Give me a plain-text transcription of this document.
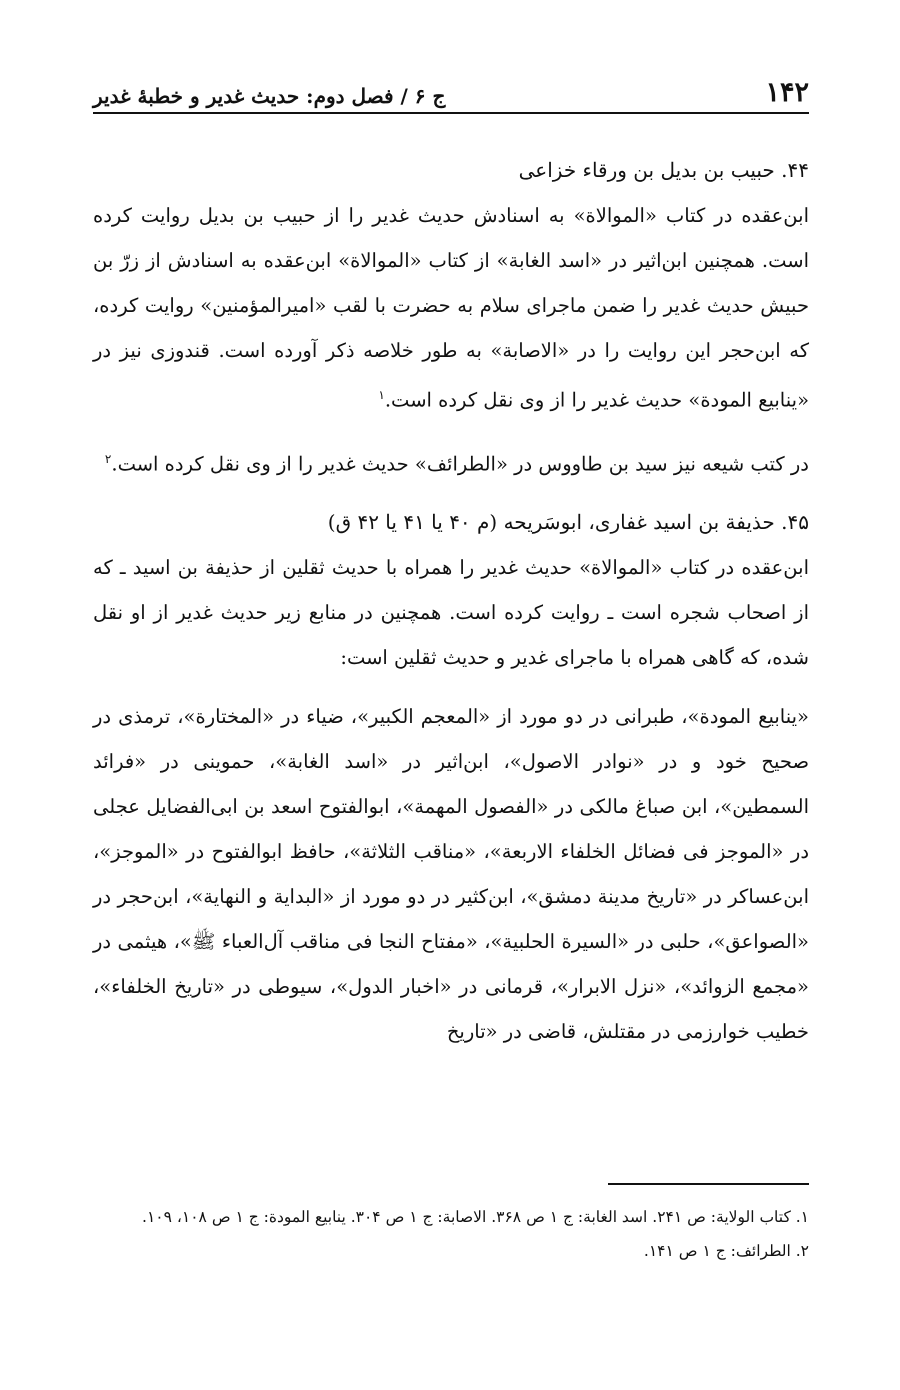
۱۴۲
ج ۶ / فصل دوم: حدیث غدیر و خطبهٔ غدیر

۴۴. حبیب بن بدیل بن ورقاء خزاعی

ابن‌عقده در کتاب «الموالاة» به اسنادش حدیث غدیر را از حبیب بن بدیل روایت کرده است. همچنین ابن‌اثیر در «اسد الغابة» از کتاب «الموالاة» ابن‌عقده به اسنادش از زرّ بن حبیش حدیث غدیر را ضمن ماجرای سلام به حضرت با لقب «امیرالمؤمنین» روایت کرده، که ابن‌حجر این روایت را در «الاصابة» به طور خلاصه ذکر آورده است. قندوزی نیز در «ینابیع المودة» حدیث غدیر را از وی نقل کرده است.$^۱$

در کتب شیعه نیز سید بن طاووس در «الطرائف» حدیث غدیر را از وی نقل کرده است.$^۲$

۴۵. حذیفة بن اسید غفاری، ابوسَریحه (م ۴۰ یا ۴۱ یا ۴۲ ق)

ابن‌عقده در کتاب «الموالاة» حدیث غدیر را همراه با حدیث ثقلین از حذیفة بن اسید ـ که از اصحاب شجره است ـ روایت کرده است. همچنین در منابع زیر حدیث غدیر از او نقل شده، که گاهی همراه با ماجرای غدیر و حدیث ثقلین است:

«ینابیع المودة»، طبرانی در دو مورد از «المعجم الکبیر»، ضیاء در «المختارة»، ترمذی در صحیح خود و در «نوادر الاصول»، ابن‌اثیر در «اسد الغابة»، حموینی در «فرائد السمطین»، ابن صباغ مالکی در «الفصول المهمة»، ابوالفتوح اسعد بن ابی‌الفضایل عجلی در «الموجز فی فضائل الخلفاء الاربعة»، «مناقب الثلاثة»، حافظ ابوالفتوح در «الموجز»، ابن‌عساکر در «تاریخ مدینة دمشق»، ابن‌کثیر در دو مورد از «البدایة و النهایة»، ابن‌حجر در «الصواعق»، حلبی در «السیرة الحلبیة»، «مفتاح النجا فی مناقب آل‌العباء ﷺ»، هیثمی در «مجمع الزوائد»، «نزل الابرار»، قرمانی در «اخبار الدول»، سیوطی در «تاریخ الخلفاء»، خطیب خوارزمی در مقتلش، قاضی در «تاریخ

۱. کتاب الولایة: ص ۲۴۱. اسد الغابة: ج ۱ ص ۳۶۸. الاصابة: ج ۱ ص ۳۰۴. ینابیع المودة: ج ۱ ص ۱۰۸، ۱۰۹.

۲. الطرائف: ج ۱ ص ۱۴۱.
